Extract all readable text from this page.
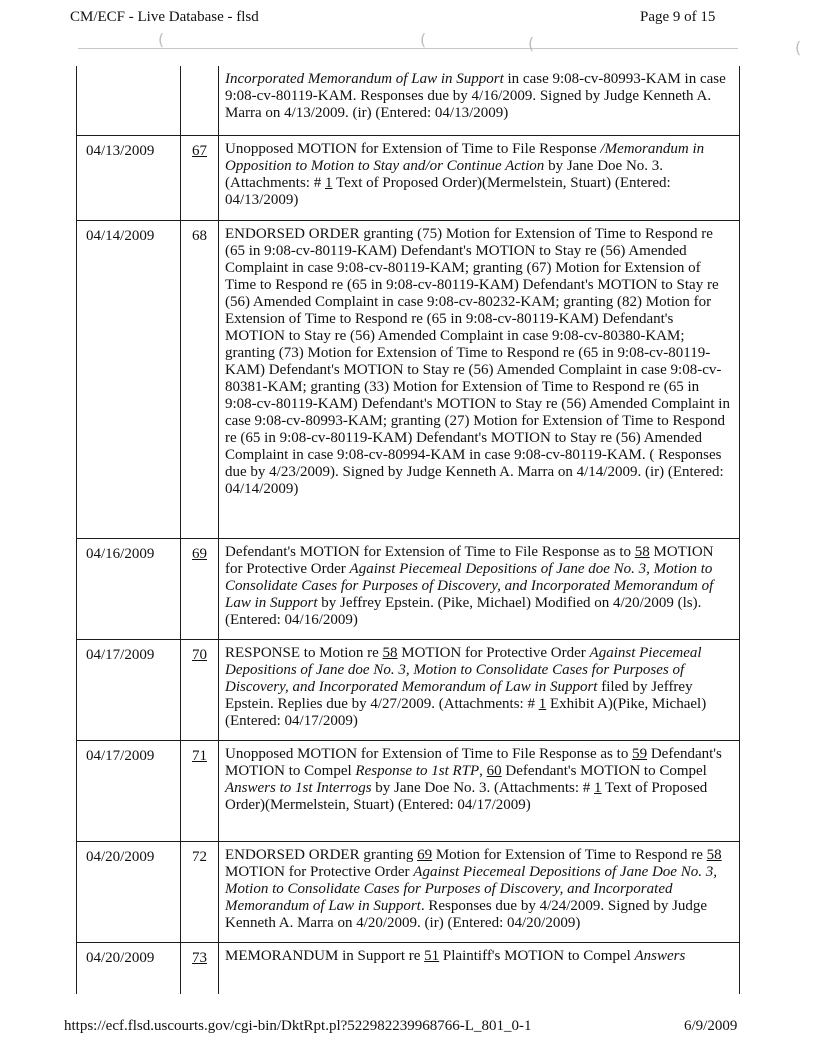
CM/ECF - Live Database - flsd	Page 9 of 15
(	(	(	(

		Incorporated Memorandum of Law in Support in case 9:08-cv-80993-KAM in case 9:08-cv-80119-KAM. Responses due by 4/16/2009. Signed by Judge Kenneth A. Marra on 4/13/2009. (ir) (Entered: 04/13/2009)

04/13/2009	67	Unopposed MOTION for Extension of Time to File Response /Memorandum in Opposition to Motion to Stay and/or Continue Action by Jane Doe No. 3. (Attachments: # 1 Text of Proposed Order)(Mermelstein, Stuart) (Entered: 04/13/2009)

04/14/2009	68	ENDORSED ORDER granting (75) Motion for Extension of Time to Respond re (65 in 9:08-cv-80119-KAM) Defendant's MOTION to Stay re (56) Amended Complaint in case 9:08-cv-80119-KAM; granting (67) Motion for Extension of Time to Respond re (65 in 9:08-cv-80119-KAM) Defendant's MOTION to Stay re (56) Amended Complaint in case 9:08-cv-80232-KAM; granting (82) Motion for Extension of Time to Respond re (65 in 9:08-cv-80119-KAM) Defendant's MOTION to Stay re (56) Amended Complaint in case 9:08-cv-80380-KAM; granting (73) Motion for Extension of Time to Respond re (65 in 9:08-cv-80119-KAM) Defendant's MOTION to Stay re (56) Amended Complaint in case 9:08-cv-80381-KAM; granting (33) Motion for Extension of Time to Respond re (65 in 9:08-cv-80119-KAM) Defendant's MOTION to Stay re (56) Amended Complaint in case 9:08-cv-80993-KAM; granting (27) Motion for Extension of Time to Respond re (65 in 9:08-cv-80119-KAM) Defendant's MOTION to Stay re (56) Amended Complaint in case 9:08-cv-80994-KAM in case 9:08-cv-80119-KAM. ( Responses due by 4/23/2009). Signed by Judge Kenneth A. Marra on 4/14/2009. (ir) (Entered: 04/14/2009)

04/16/2009	69	Defendant's MOTION for Extension of Time to File Response as to 58 MOTION for Protective Order Against Piecemeal Depositions of Jane doe No. 3, Motion to Consolidate Cases for Purposes of Discovery, and Incorporated Memorandum of Law in Support by Jeffrey Epstein. (Pike, Michael) Modified on 4/20/2009 (ls). (Entered: 04/16/2009)

04/17/2009	70	RESPONSE to Motion re 58 MOTION for Protective Order Against Piecemeal Depositions of Jane doe No. 3, Motion to Consolidate Cases for Purposes of Discovery, and Incorporated Memorandum of Law in Support filed by Jeffrey Epstein. Replies due by 4/27/2009. (Attachments: # 1 Exhibit A)(Pike, Michael) (Entered: 04/17/2009)

04/17/2009	71	Unopposed MOTION for Extension of Time to File Response as to 59 Defendant's MOTION to Compel Response to 1st RTP, 60 Defendant's MOTION to Compel Answers to 1st Interrogs by Jane Doe No. 3. (Attachments: # 1 Text of Proposed Order)(Mermelstein, Stuart) (Entered: 04/17/2009)

04/20/2009	72	ENDORSED ORDER granting 69 Motion for Extension of Time to Respond re 58 MOTION for Protective Order Against Piecemeal Depositions of Jane Doe No. 3, Motion to Consolidate Cases for Purposes of Discovery, and Incorporated Memorandum of Law in Support. Responses due by 4/24/2009. Signed by Judge Kenneth A. Marra on 4/20/2009. (ir) (Entered: 04/20/2009)

04/20/2009	73	MEMORANDUM in Support re 51 Plaintiff's MOTION to Compel Answers
https://ecf.flsd.uscourts.gov/cgi-bin/DktRpt.pl?522982239968766-L_801_0-1	6/9/2009
